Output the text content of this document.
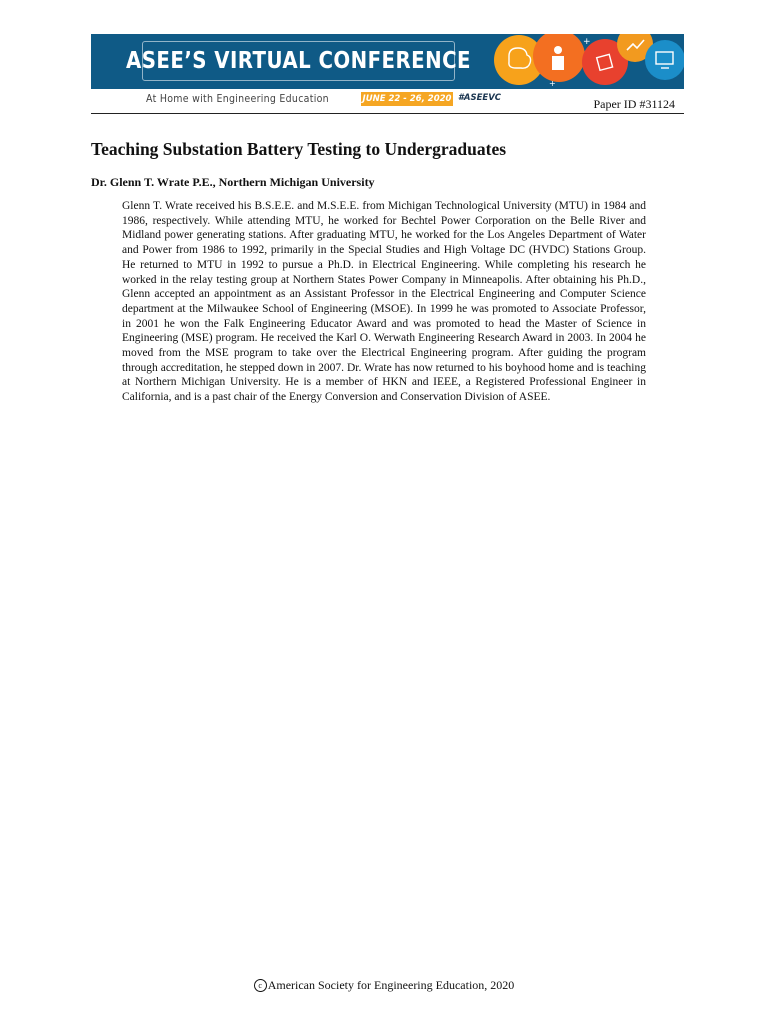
ASEE’S VIRTUAL CONFERENCE
+
+
At Home with Engineering Education	JUNE 22 - 26, 2020 #ASEEVC	Paper ID #31124
Teaching Substation Battery Testing to Undergraduates

Dr. Glenn T. Wrate P.E., Northern Michigan University

Glenn T. Wrate received his B.S.E.E. and M.S.E.E. from Michigan Technological University (MTU) in 1984 and 1986, respectively. While attending MTU, he worked for Bechtel Power Corporation on the Belle River and Midland power generating stations. After graduating MTU, he worked for the Los Angeles Department of Water and Power from 1986 to 1992, primarily in the Special Studies and High Voltage DC (HVDC) Stations Group. He returned to MTU in 1992 to pursue a Ph.D. in Electrical Engineering. While completing his research he worked in the relay testing group at Northern States Power Company in Minneapolis. After obtaining his Ph.D., Glenn accepted an appointment as an Assistant Professor in the Electrical Engineering and Computer Science department at the Milwaukee School of Engineering (MSOE). In 1999 he was promoted to Associate Professor, in 2001 he won the Falk Engineering Educator Award and was promoted to head the Master of Science in Engineering (MSE) program. He received the Karl O. Werwath Engineering Research Award in 2003. In 2004 he moved from the MSE program to take over the Electrical Engineering program. After guiding the program through accreditation, he stepped down in 2007. Dr. Wrate has now returned to his boyhood home and is teaching at Northern Michigan University. He is a member of HKN and IEEE, a Registered Professional Engineer in California, and is a past chair of the Energy Conversion and Conservation Division of ASEE.

c American Society for Engineering Education, 2020
